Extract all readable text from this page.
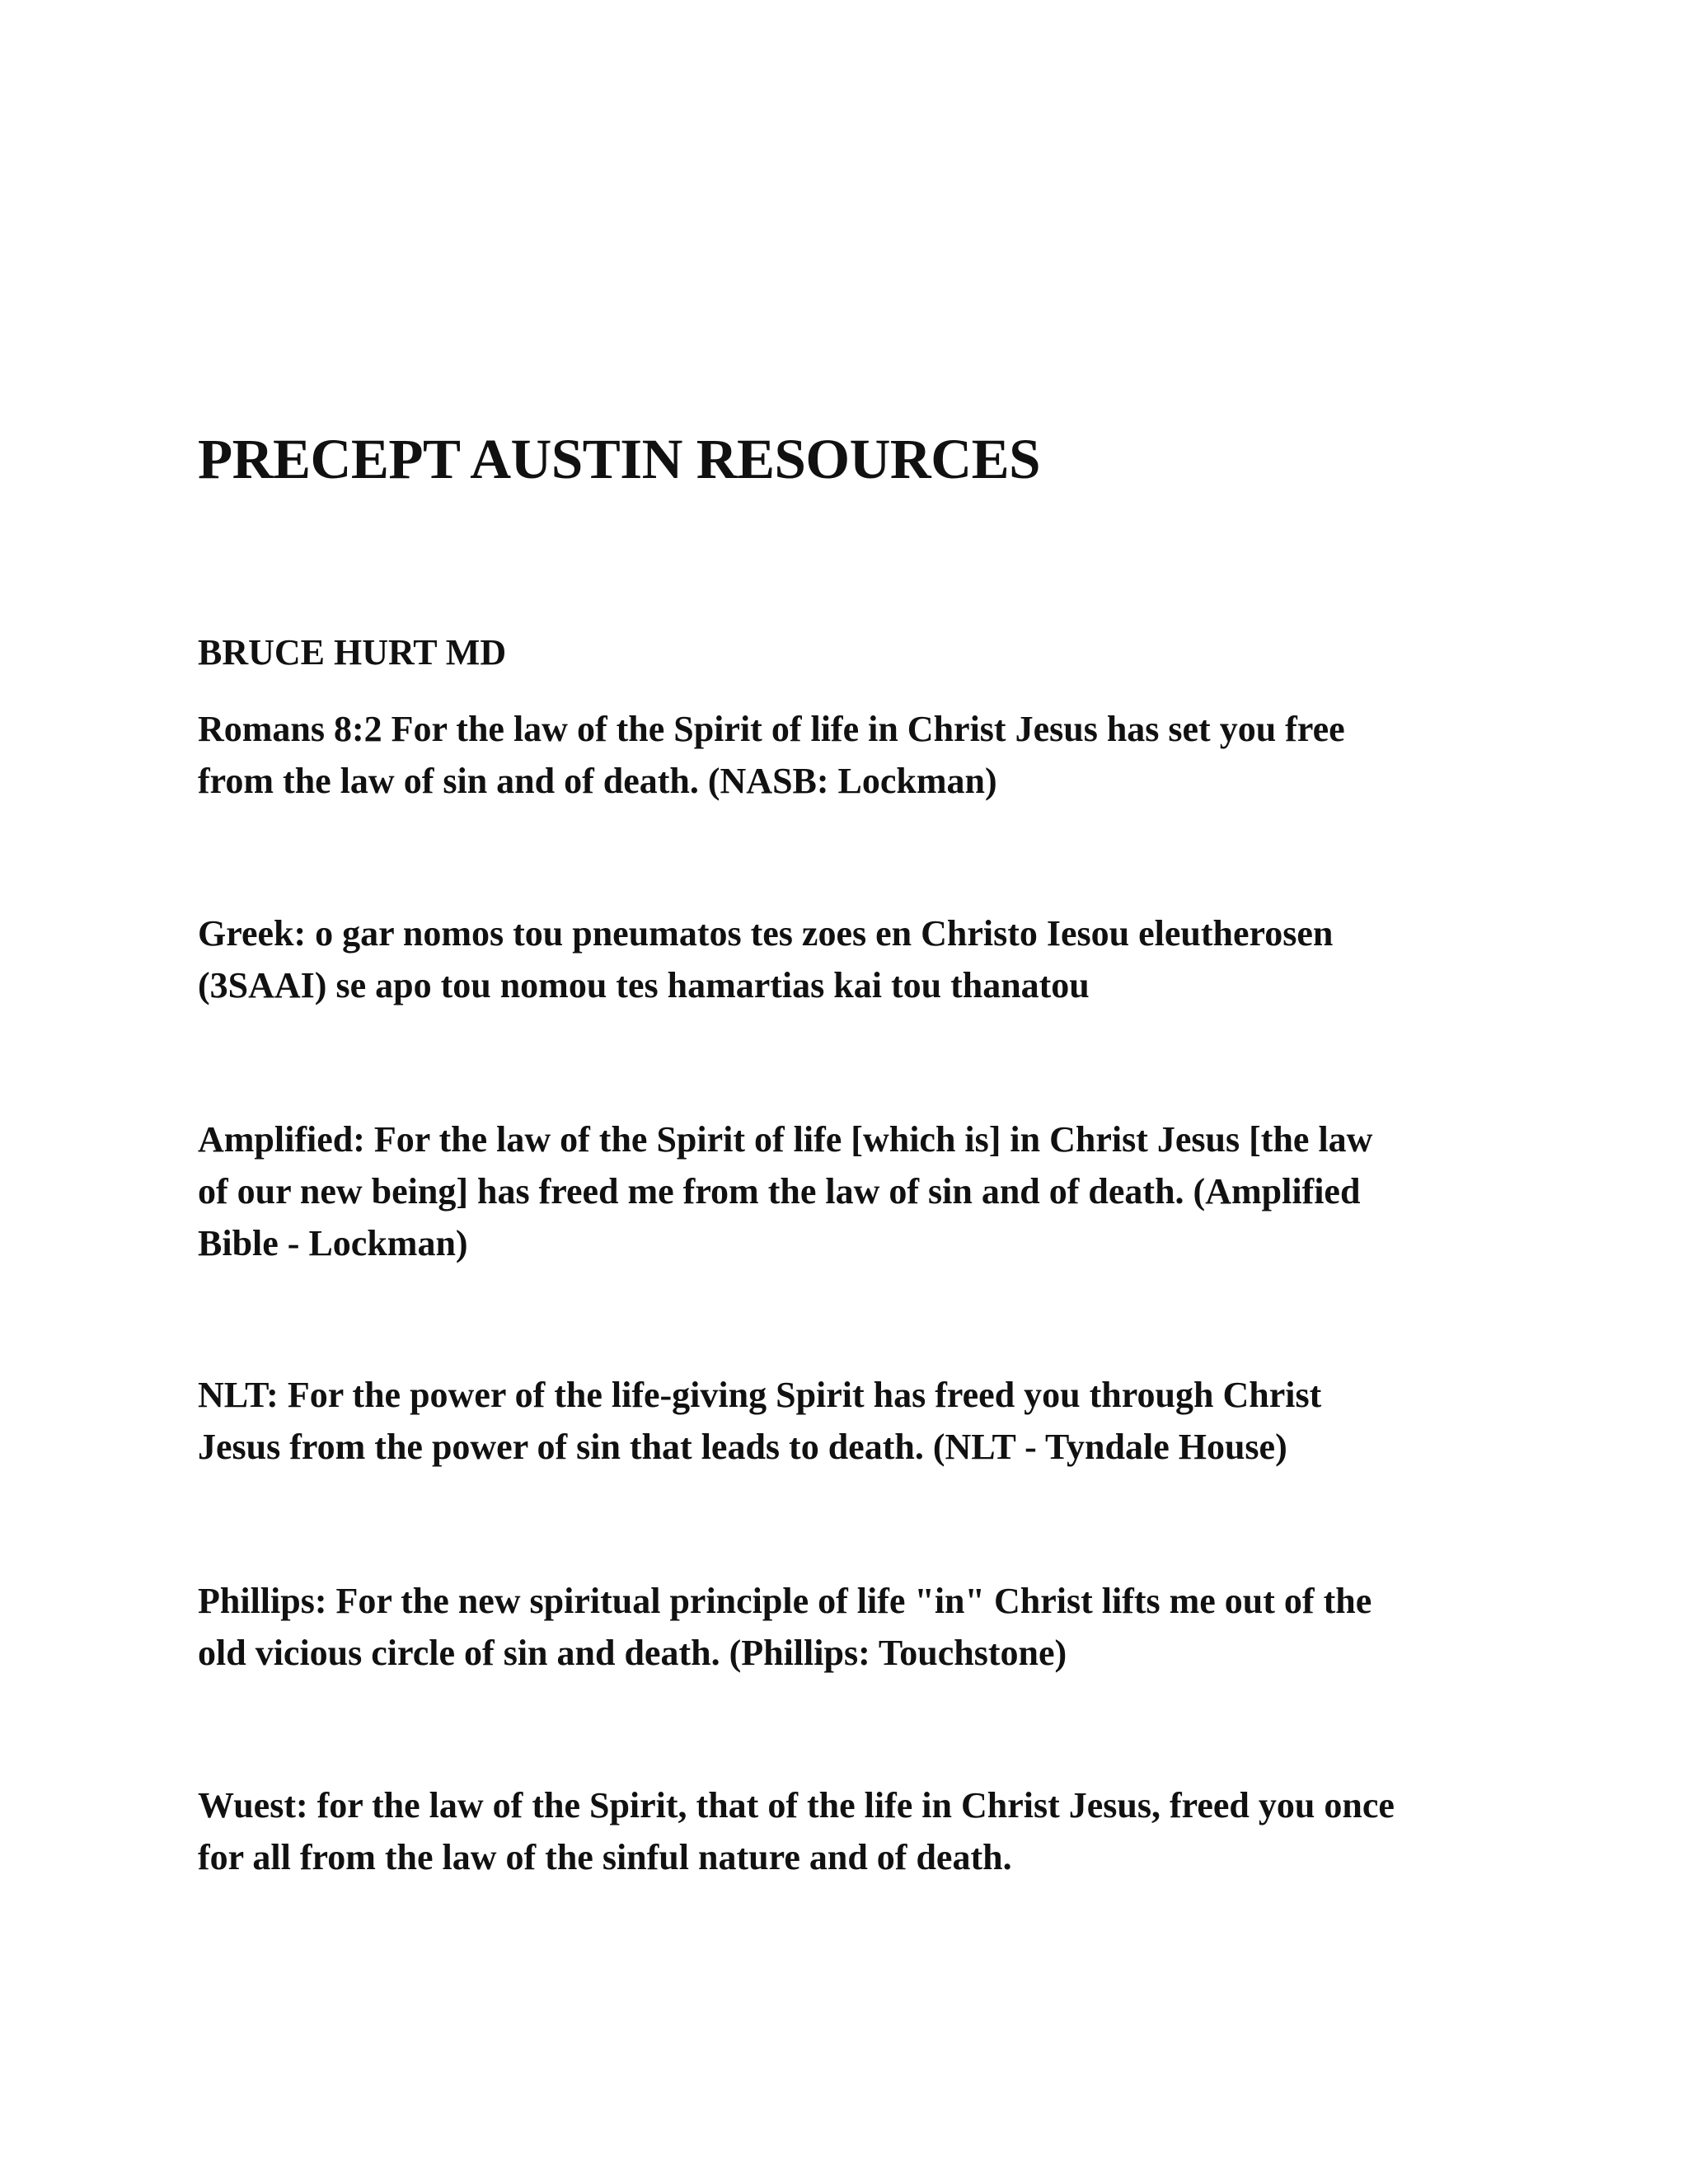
PRECEPT AUSTIN RESOURCES

BRUCE HURT MD

Romans 8:2 For the law of the Spirit of life in Christ Jesus has set you free
from the law of sin and of death. (NASB: Lockman)

Greek: o gar nomos tou pneumatos tes zoes en Christo Iesou eleutherosen
(3SAAI) se apo tou nomou tes hamartias kai tou thanatou

Amplified: For the law of the Spirit of life [which is] in Christ Jesus [the law
of our new being] has freed me from the law of sin and of death. (Amplified
Bible - Lockman)

NLT: For the power of the life-giving Spirit has freed you through Christ
Jesus from the power of sin that leads to death. (NLT - Tyndale House)

Phillips: For the new spiritual principle of life "in" Christ lifts me out of the
old vicious circle of sin and death. (Phillips: Touchstone)

Wuest: for the law of the Spirit, that of the life in Christ Jesus, freed you once
for all from the law of the sinful nature and of death.
